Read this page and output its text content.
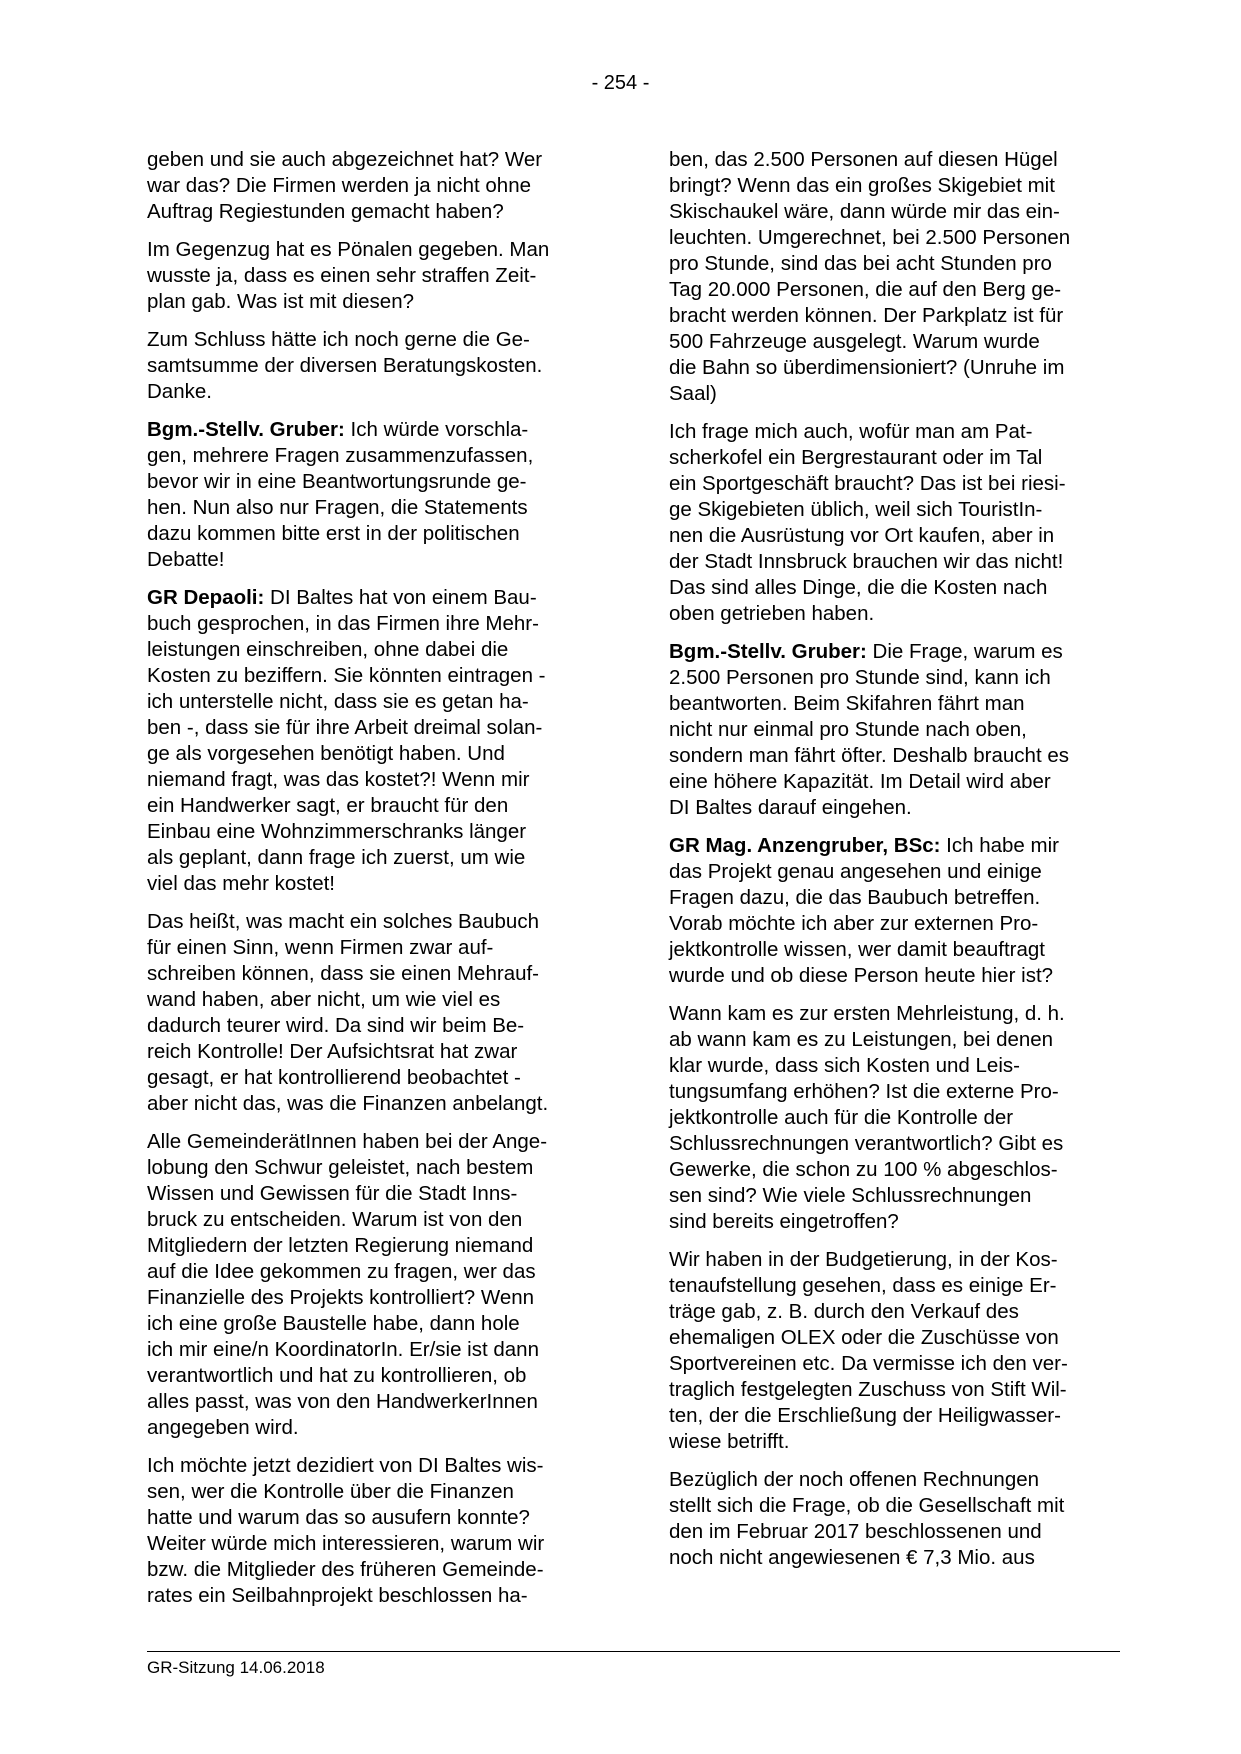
- 254 -

geben und sie auch abgezeichnet hat? Wer
war das? Die Firmen werden ja nicht ohne
Auftrag Regiestunden gemacht haben?

Im Gegenzug hat es Pönalen gegeben. Man
wusste ja, dass es einen sehr straffen Zeit-
plan gab. Was ist mit diesen?

Zum Schluss hätte ich noch gerne die Ge-
samtsumme der diversen Beratungskosten.
Danke.

Bgm.-Stellv. Gruber: Ich würde vorschla-
gen, mehrere Fragen zusammenzufassen,
bevor wir in eine Beantwortungsrunde ge-
hen. Nun also nur Fragen, die Statements
dazu kommen bitte erst in der politischen
Debatte!

GR Depaoli: DI Baltes hat von einem Bau-
buch gesprochen, in das Firmen ihre Mehr-
leistungen einschreiben, ohne dabei die
Kosten zu beziffern. Sie könnten eintragen -
ich unterstelle nicht, dass sie es getan ha-
ben -, dass sie für ihre Arbeit dreimal solan-
ge als vorgesehen benötigt haben. Und
niemand fragt, was das kostet?! Wenn mir
ein Handwerker sagt, er braucht für den
Einbau eine Wohnzimmerschranks länger
als geplant, dann frage ich zuerst, um wie
viel das mehr kostet!

Das heißt, was macht ein solches Baubuch
für einen Sinn, wenn Firmen zwar auf-
schreiben können, dass sie einen Mehrauf-
wand haben, aber nicht, um wie viel es
dadurch teurer wird. Da sind wir beim Be-
reich Kontrolle! Der Aufsichtsrat hat zwar
gesagt, er hat kontrollierend beobachtet -
aber nicht das, was die Finanzen anbelangt.

Alle GemeinderätInnen haben bei der Ange-
lobung den Schwur geleistet, nach bestem
Wissen und Gewissen für die Stadt Inns-
bruck zu entscheiden. Warum ist von den
Mitgliedern der letzten Regierung niemand
auf die Idee gekommen zu fragen, wer das
Finanzielle des Projekts kontrolliert? Wenn
ich eine große Baustelle habe, dann hole
ich mir eine/n KoordinatorIn. Er/sie ist dann
verantwortlich und hat zu kontrollieren, ob
alles passt, was von den HandwerkerInnen
angegeben wird.

Ich möchte jetzt dezidiert von DI Baltes wis-
sen, wer die Kontrolle über die Finanzen
hatte und warum das so ausufern konnte?
Weiter würde mich interessieren, warum wir
bzw. die Mitglieder des früheren Gemeinde-
rates ein Seilbahnprojekt beschlossen ha-

ben, das 2.500 Personen auf diesen Hügel
bringt? Wenn das ein großes Skigebiet mit
Skischaukel wäre, dann würde mir das ein-
leuchten. Umgerechnet, bei 2.500 Personen
pro Stunde, sind das bei acht Stunden pro
Tag 20.000 Personen, die auf den Berg ge-
bracht werden können. Der Parkplatz ist für
500 Fahrzeuge ausgelegt. Warum wurde
die Bahn so überdimensioniert? (Unruhe im
Saal)

Ich frage mich auch, wofür man am Pat-
scherkofel ein Bergrestaurant oder im Tal
ein Sportgeschäft braucht? Das ist bei riesi-
ge Skigebieten üblich, weil sich TouristIn-
nen die Ausrüstung vor Ort kaufen, aber in
der Stadt Innsbruck brauchen wir das nicht!
Das sind alles Dinge, die die Kosten nach
oben getrieben haben.

Bgm.-Stellv. Gruber: Die Frage, warum es
2.500 Personen pro Stunde sind, kann ich
beantworten. Beim Skifahren fährt man
nicht nur einmal pro Stunde nach oben,
sondern man fährt öfter. Deshalb braucht es
eine höhere Kapazität. Im Detail wird aber
DI Baltes darauf eingehen.

GR Mag. Anzengruber, BSc: Ich habe mir
das Projekt genau angesehen und einige
Fragen dazu, die das Baubuch betreffen.
Vorab möchte ich aber zur externen Pro-
jektkontrolle wissen, wer damit beauftragt
wurde und ob diese Person heute hier ist?

Wann kam es zur ersten Mehrleistung, d. h.
ab wann kam es zu Leistungen, bei denen
klar wurde, dass sich Kosten und Leis-
tungsumfang erhöhen? Ist die externe Pro-
jektkontrolle auch für die Kontrolle der
Schlussrechnungen verantwortlich? Gibt es
Gewerke, die schon zu 100 % abgeschlos-
sen sind? Wie viele Schlussrechnungen
sind bereits eingetroffen?

Wir haben in der Budgetierung, in der Kos-
tenaufstellung gesehen, dass es einige Er-
träge gab, z. B. durch den Verkauf des
ehemaligen OLEX oder die Zuschüsse von
Sportvereinen etc. Da vermisse ich den ver-
traglich festgelegten Zuschuss von Stift Wil-
ten, der die Erschließung der Heiligwasser-
wiese betrifft.

Bezüglich der noch offenen Rechnungen
stellt sich die Frage, ob die Gesellschaft mit
den im Februar 2017 beschlossenen und
noch nicht angewiesenen € 7,3 Mio. aus

GR-Sitzung 14.06.2018
